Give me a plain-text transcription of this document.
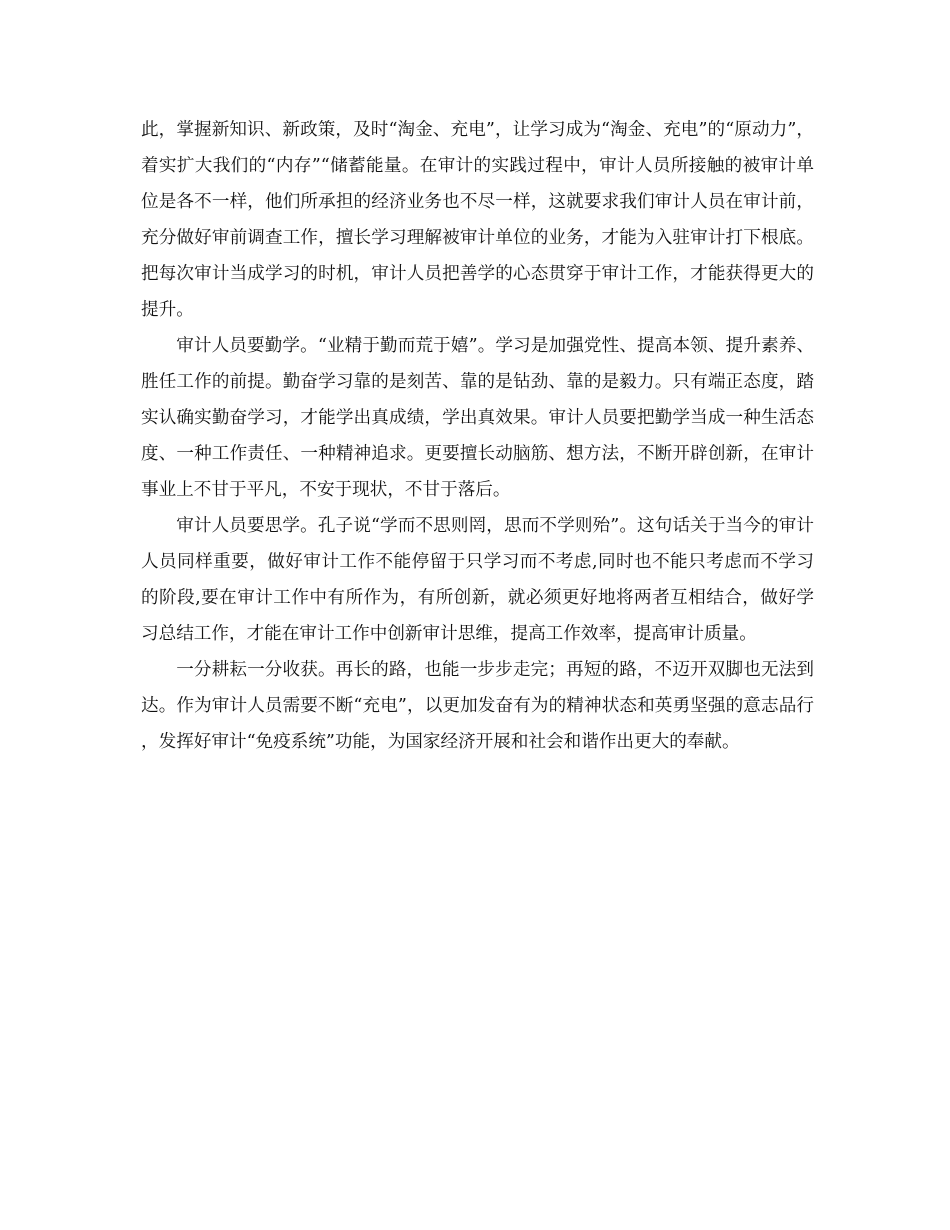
此，掌握新知识、新政策，及时“淘金、充电”，让学习成为“淘金、充电”的“原动力”，着实扩大我们的“内存”“储蓄能量。在审计的实践过程中，审计人员所接触的被审计单位是各不一样，他们所承担的经济业务也不尽一样，这就要求我们审计人员在审计前，充分做好审前调查工作，擅长学习理解被审计单位的业务，才能为入驻审计打下根底。把每次审计当成学习的时机，审计人员把善学的心态贯穿于审计工作，才能获得更大的提升。

审计人员要勤学。“业精于勤而荒于嬉”。学习是加强党性、提高本领、提升素养、胜任工作的前提。勤奋学习靠的是刻苦、靠的是钻劲、靠的是毅力。只有端正态度，踏实认确实勤奋学习，才能学出真成绩，学出真效果。审计人员要把勤学当成一种生活态度、一种工作责任、一种精神追求。更要擅长动脑筋、想方法，不断开辟创新，在审计事业上不甘于平凡，不安于现状，不甘于落后。

审计人员要思学。孔子说“学而不思则罔，思而不学则殆”。这句话关于当今的审计人员同样重要，做好审计工作不能停留于只学习而不考虑,同时也不能只考虑而不学习的阶段,要在审计工作中有所作为，有所创新，就必须更好地将两者互相结合，做好学习总结工作，才能在审计工作中创新审计思维，提高工作效率，提高审计质量。

一分耕耘一分收获。再长的路，也能一步步走完；再短的路，不迈开双脚也无法到达。作为审计人员需要不断“充电”，以更加发奋有为的精神状态和英勇坚强的意志品行，发挥好审计“免疫系统”功能，为国家经济开展和社会和谐作出更大的奉献。
